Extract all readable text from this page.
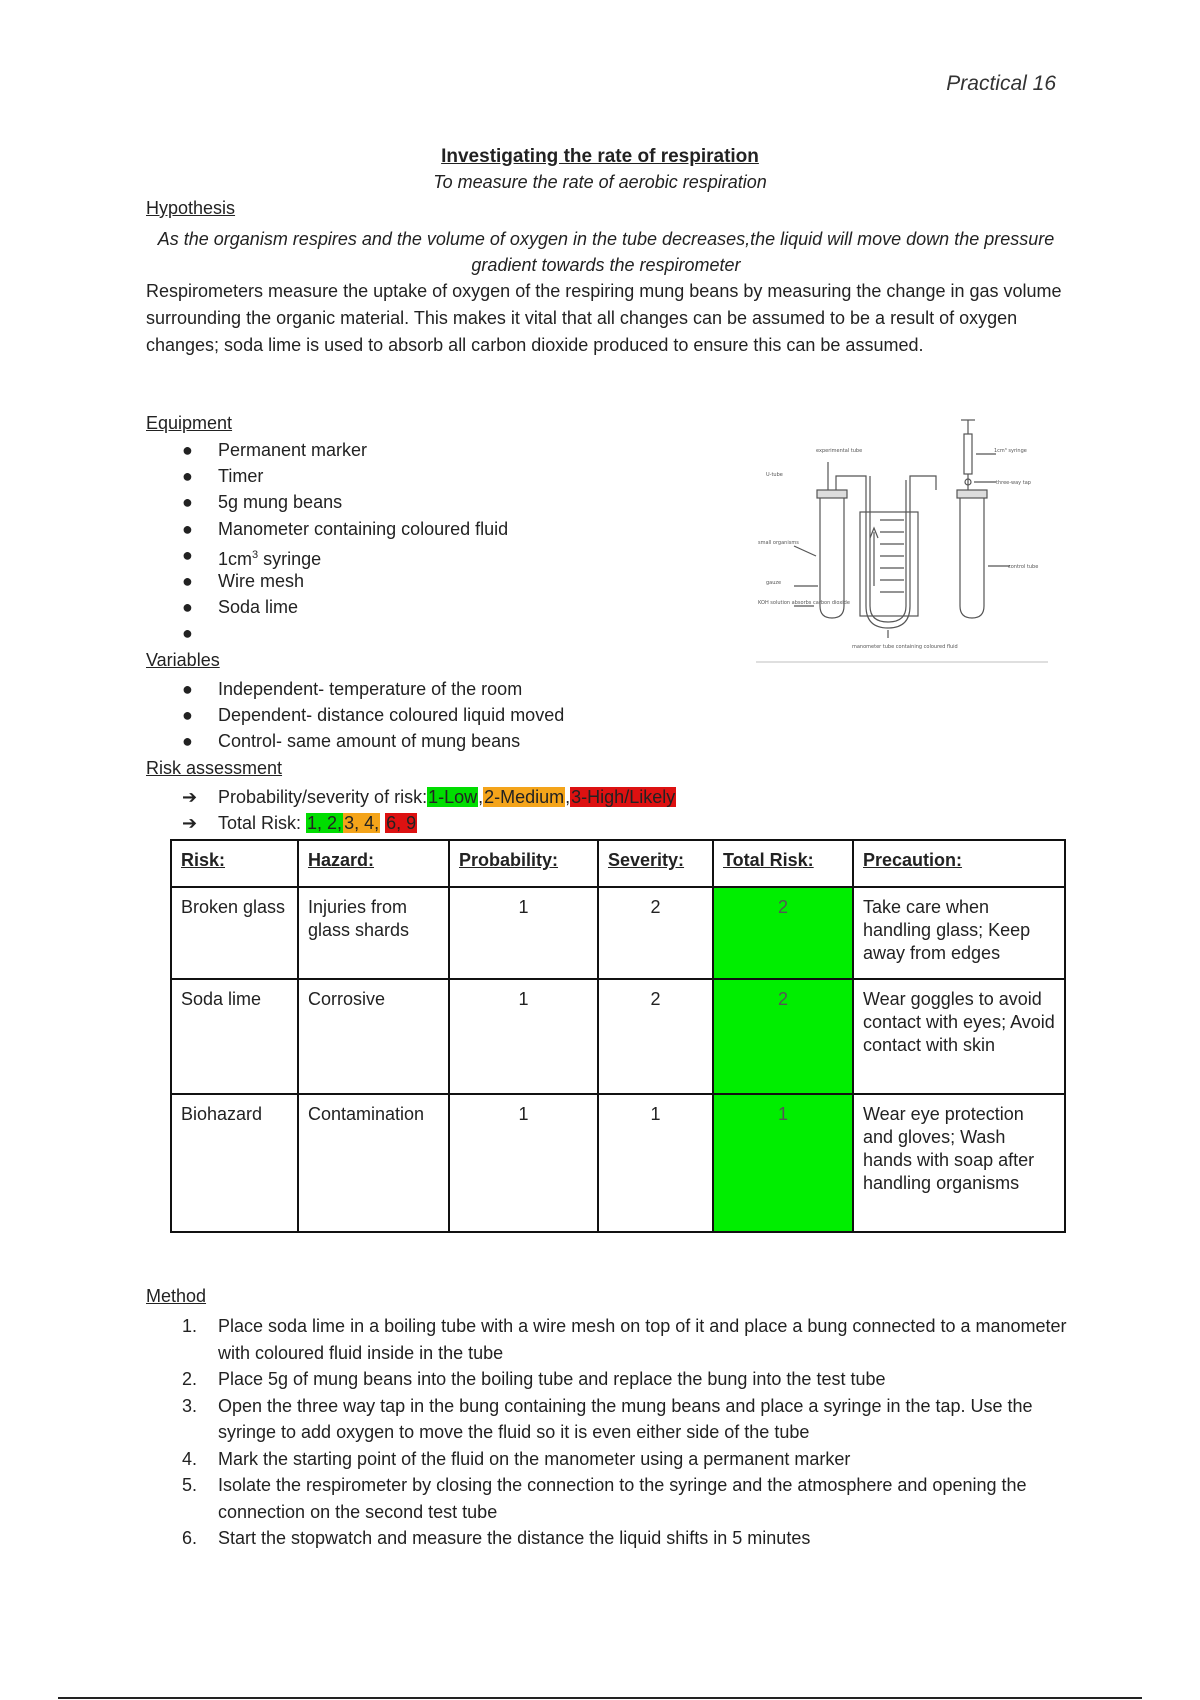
Practical 16
Investigating the rate of respiration
To measure the rate of aerobic respiration
Hypothesis
As the organism respires and the volume of oxygen in the tube decreases,the liquid will move down the pressure gradient towards the respirometer
Respirometers measure the uptake of oxygen of the respiring mung beans by measuring the change in gas volume surrounding the organic material. This makes it vital that all changes can be assumed to be a result of oxygen changes; soda lime is used to absorb all carbon dioxide produced to ensure this can be assumed.
Equipment
● Permanent marker
● Timer
● 5g mung beans
● Manometer containing coloured fluid
● $1cm^3$ syringe
● Wire mesh
● Soda lime
●
experimental tube	1cm³ syringe
three-way tap
U-tube
small organisms
gauze
KOH solution absorbs carbon dioxide
control tube
manometer tube containing coloured fluid
Variables
● Independent- temperature of the room
● Dependent- distance coloured liquid moved
● Control- same amount of mung beans
Risk assessment
➔ Probability/severity of risk:1-Low,2-Medium,3-High/Likely
➔ Total Risk: 1, 2, 3, 4, 6, 9
Risk:	Hazard:	Probability:	Severity:	Total Risk:	Precaution:
Broken glass	Injuries from glass shards	1	2	2	Take care when handling glass; Keep away from edges
Soda lime	Corrosive	1	2	2	Wear goggles to avoid contact with eyes; Avoid contact with skin
Biohazard	Contamination	1	1	1	Wear eye protection and gloves; Wash hands with soap after handling organisms
Method
1.	Place soda lime in a boiling tube with a wire mesh on top of it and place a bung connected to a manometer with coloured fluid inside in the tube
2.	Place 5g of mung beans into the boiling tube and replace the bung into the test tube
3.	Open the three way tap in the bung containing the mung beans and place a syringe in the tap. Use the syringe to add oxygen to move the fluid so it is even either side of the tube
4.	Mark the starting point of the fluid on the manometer using a permanent marker
5.	Isolate the respirometer by closing the connection to the syringe and the atmosphere and opening the connection on the second test tube
6.	Start the stopwatch and measure the distance the liquid shifts in 5 minutes
